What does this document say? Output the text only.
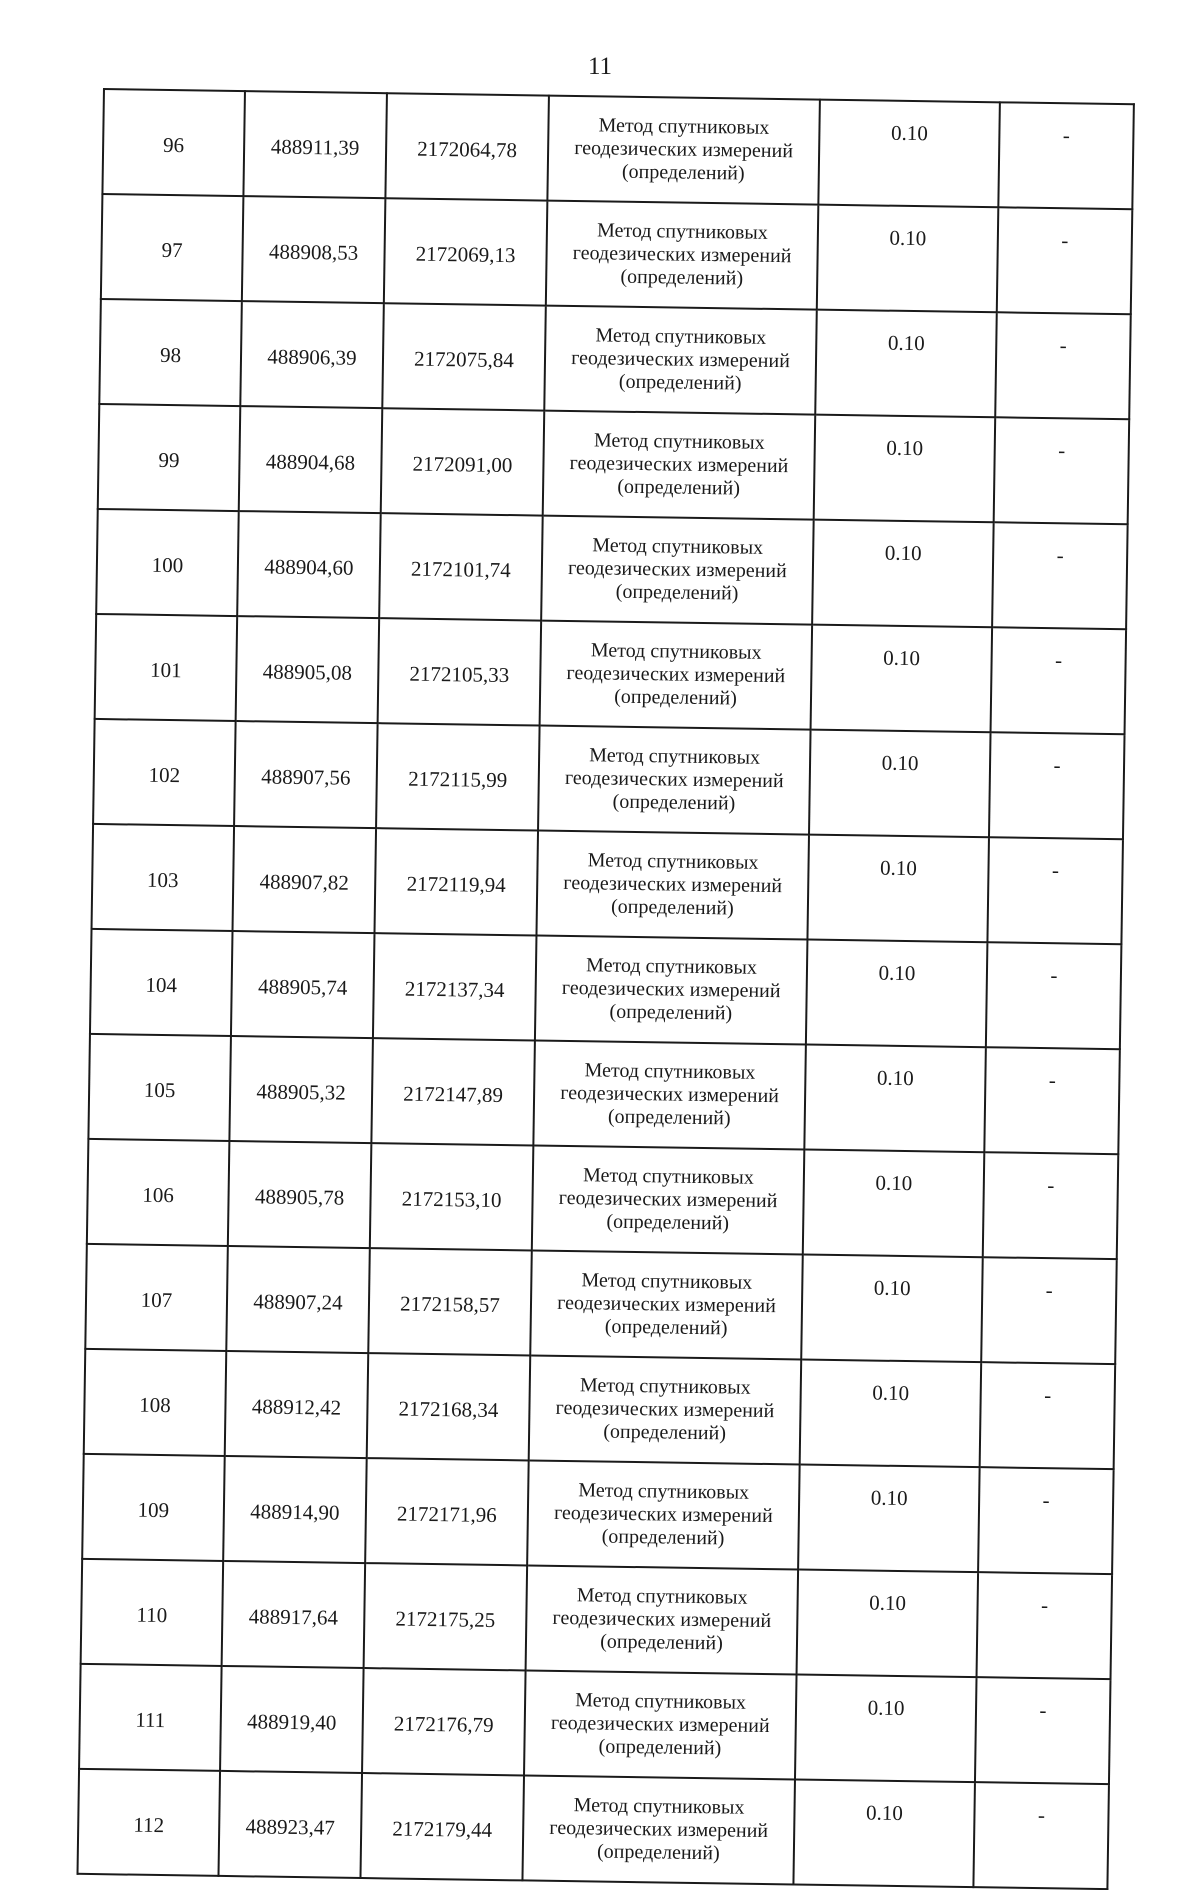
11
96	488911,39	2172064,78	Метод спутниковых геодезических измерений (определений)	0.10	-
97	488908,53	2172069,13	Метод спутниковых геодезических измерений (определений)	0.10	-
98	488906,39	2172075,84	Метод спутниковых геодезических измерений (определений)	0.10	-
99	488904,68	2172091,00	Метод спутниковых геодезических измерений (определений)	0.10	-
100	488904,60	2172101,74	Метод спутниковых геодезических измерений (определений)	0.10	-
101	488905,08	2172105,33	Метод спутниковых геодезических измерений (определений)	0.10	-
102	488907,56	2172115,99	Метод спутниковых геодезических измерений (определений)	0.10	-
103	488907,82	2172119,94	Метод спутниковых геодезических измерений (определений)	0.10	-
104	488905,74	2172137,34	Метод спутниковых геодезических измерений (определений)	0.10	-
105	488905,32	2172147,89	Метод спутниковых геодезических измерений (определений)	0.10	-
106	488905,78	2172153,10	Метод спутниковых геодезических измерений (определений)	0.10	-
107	488907,24	2172158,57	Метод спутниковых геодезических измерений (определений)	0.10	-
108	488912,42	2172168,34	Метод спутниковых геодезических измерений (определений)	0.10	-
109	488914,90	2172171,96	Метод спутниковых геодезических измерений (определений)	0.10	-
110	488917,64	2172175,25	Метод спутниковых геодезических измерений (определений)	0.10	-
111	488919,40	2172176,79	Метод спутниковых геодезических измерений (определений)	0.10	-
112	488923,47	2172179,44	Метод спутниковых геодезических измерений (определений)	0.10	-
